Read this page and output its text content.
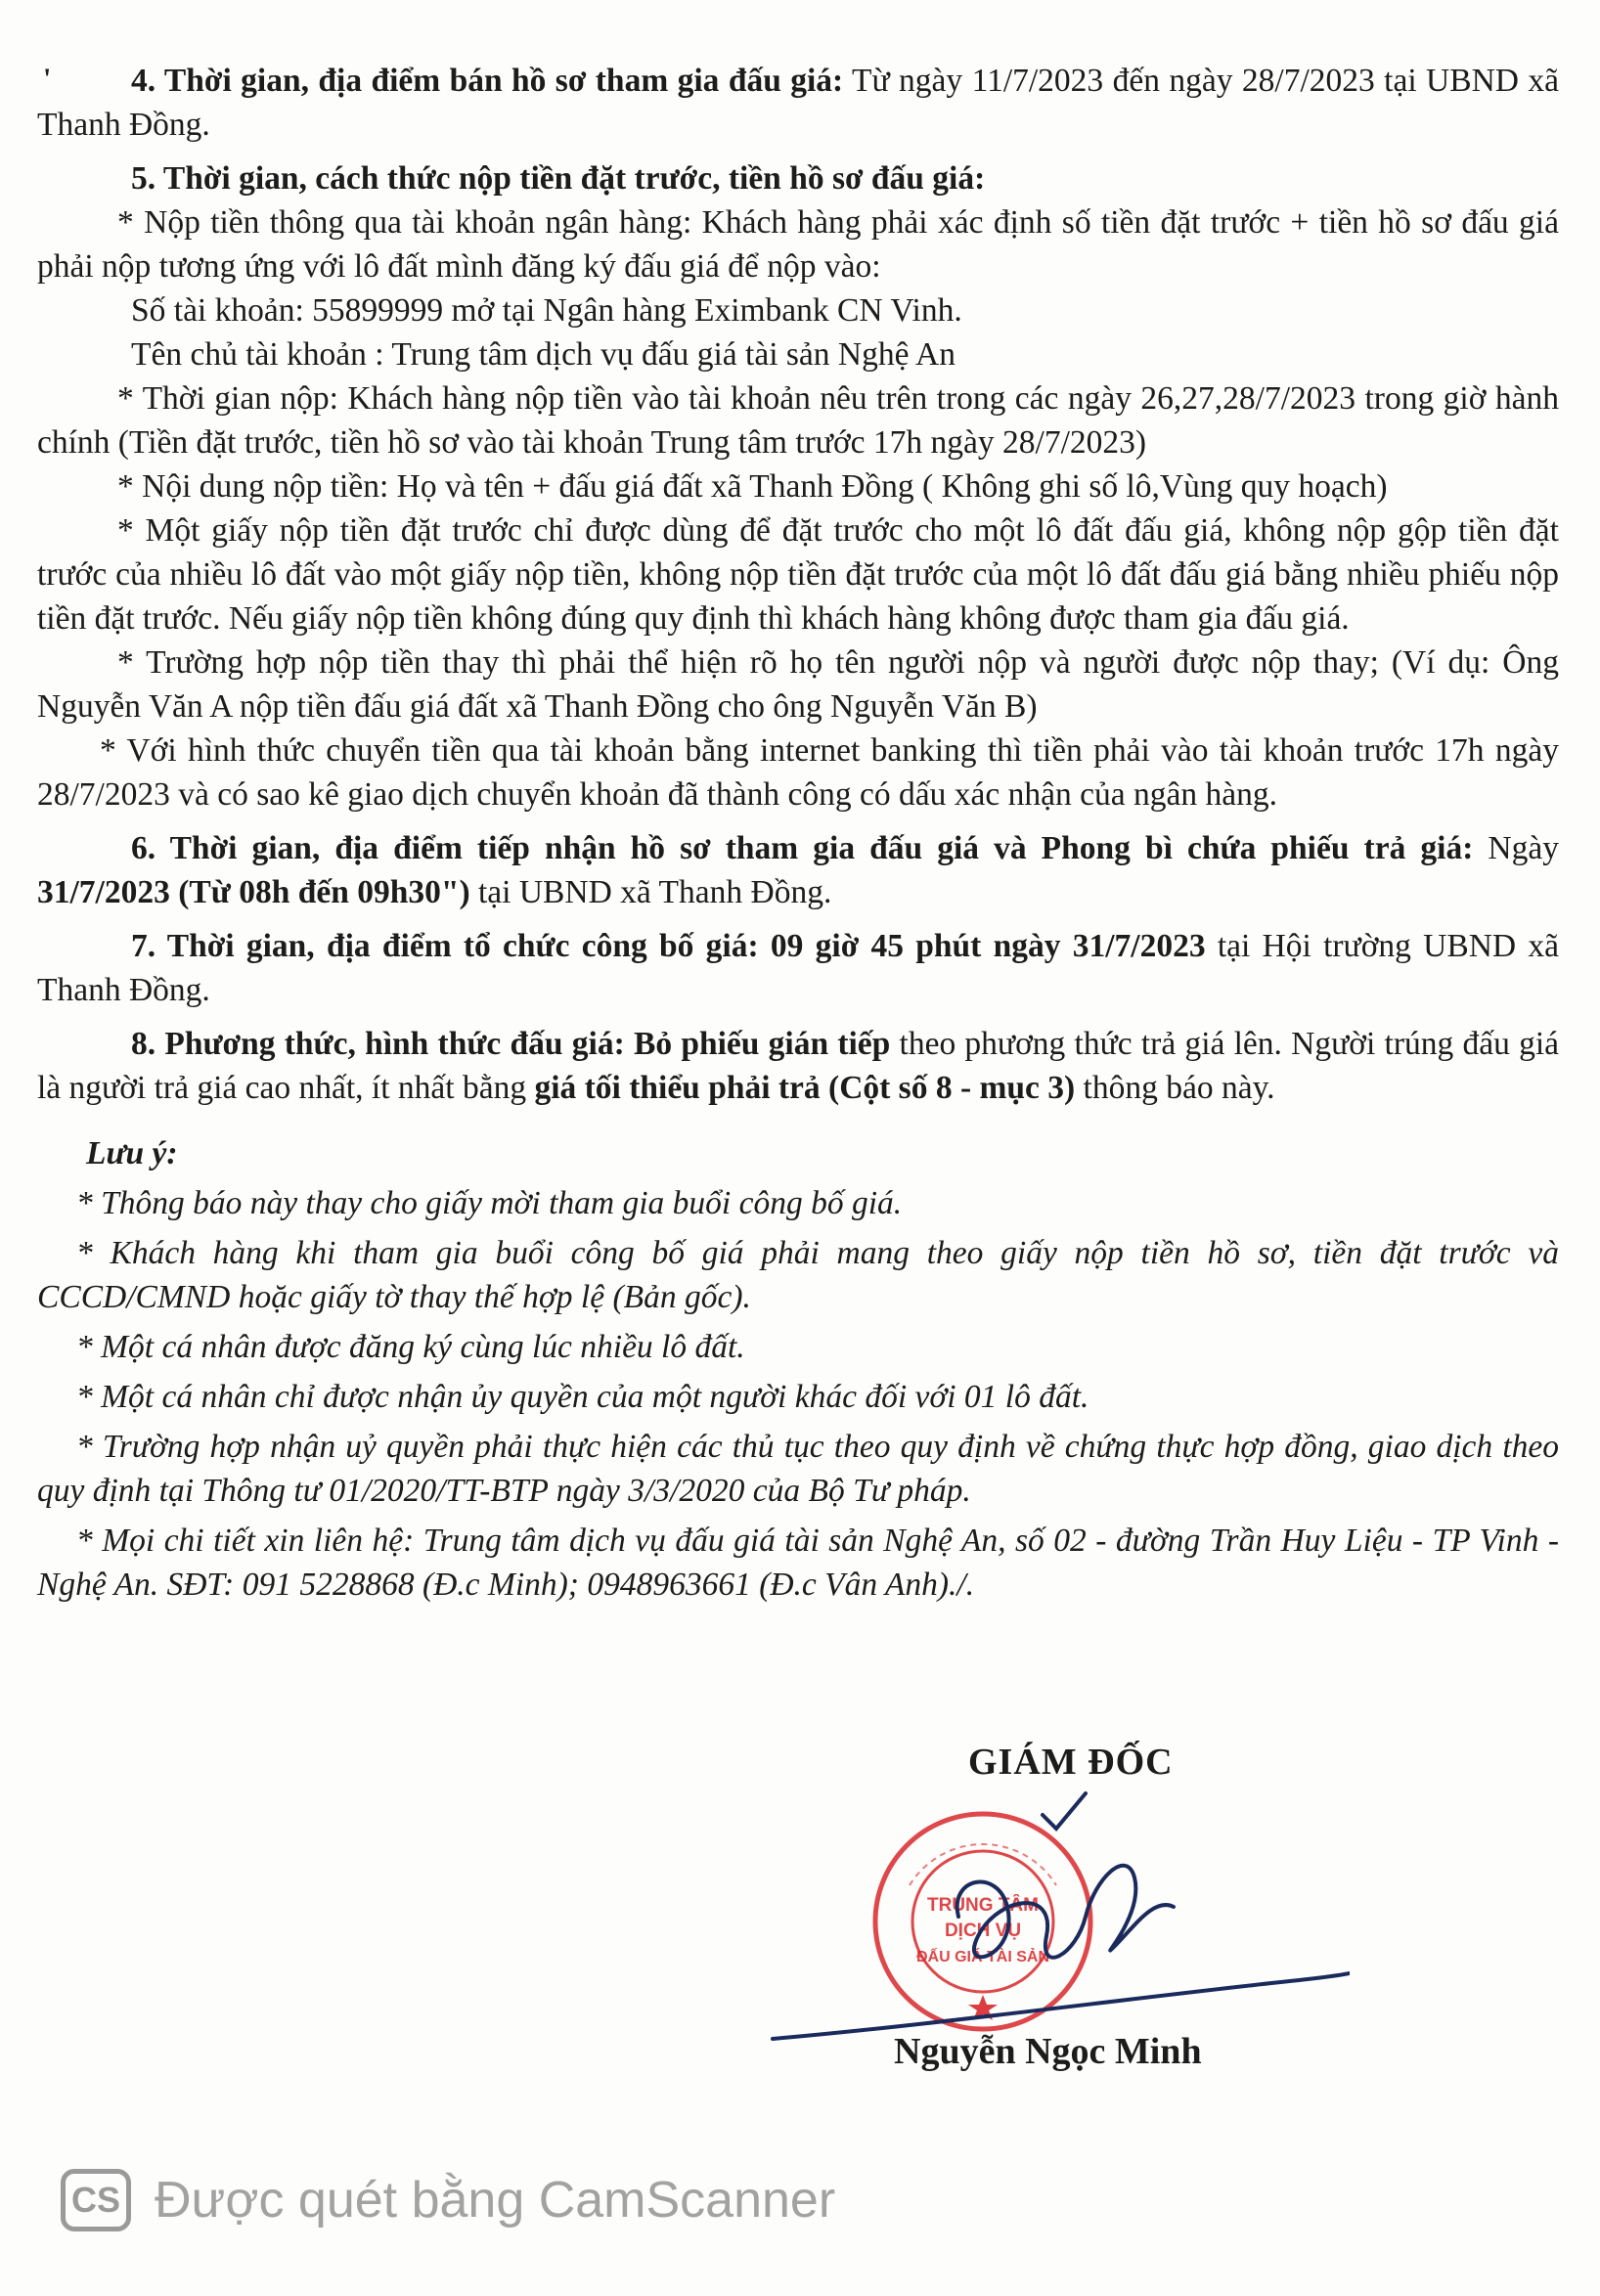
'	4. Thời gian, địa điểm bán hồ sơ tham gia đấu giá: Từ ngày 11/7/2023 đến ngày 28/7/2023 tại UBND xã Thanh Đồng.

5. Thời gian, cách thức nộp tiền đặt trước, tiền hồ sơ đấu giá:

* Nộp tiền thông qua tài khoản ngân hàng: Khách hàng phải xác định số tiền đặt trước + tiền hồ sơ đấu giá phải nộp tương ứng với lô đất mình đăng ký đấu giá để nộp vào:

Số tài khoản: 55899999 mở tại Ngân hàng Eximbank CN Vinh.

Tên chủ tài khoản : Trung tâm dịch vụ đấu giá tài sản Nghệ An

* Thời gian nộp: Khách hàng nộp tiền vào tài khoản nêu trên trong các ngày 26,27,28/7/2023 trong giờ hành chính (Tiền đặt trước, tiền hồ sơ vào tài khoản Trung tâm trước 17h ngày 28/7/2023)

* Nội dung nộp tiền: Họ và tên + đấu giá đất xã Thanh Đồng ( Không ghi số lô,Vùng quy hoạch)

* Một giấy nộp tiền đặt trước chỉ được dùng để đặt trước cho một lô đất đấu giá, không nộp gộp tiền đặt trước của nhiều lô đất vào một giấy nộp tiền, không nộp tiền đặt trước của một lô đất đấu giá bằng nhiều phiếu nộp tiền đặt trước. Nếu giấy nộp tiền không đúng quy định thì khách hàng không được tham gia đấu giá.

* Trường hợp nộp tiền thay thì phải thể hiện rõ họ tên người nộp và người được nộp thay; (Ví dụ: Ông Nguyễn Văn A nộp tiền đấu giá đất xã Thanh Đồng cho ông Nguyễn Văn B)

* Với hình thức chuyển tiền qua tài khoản bằng internet banking thì tiền phải vào tài khoản trước 17h ngày 28/7/2023 và có sao kê giao dịch chuyển khoản đã thành công có dấu xác nhận của ngân hàng.

6. Thời gian, địa điểm tiếp nhận hồ sơ tham gia đấu giá và Phong bì chứa phiếu trả giá: Ngày 31/7/2023 (Từ 08h đến 09h30") tại UBND xã Thanh Đồng.

7. Thời gian, địa điểm tổ chức công bố giá: 09 giờ 45 phút ngày 31/7/2023 tại Hội trường UBND xã Thanh Đồng.

8. Phương thức, hình thức đấu giá: Bỏ phiếu gián tiếp theo phương thức trả giá lên. Người trúng đấu giá là người trả giá cao nhất, ít nhất bằng giá tối thiểu phải trả (Cột số 8 - mục 3) thông báo này.

Lưu ý:

* Thông báo này thay cho giấy mời tham gia buổi công bố giá.

* Khách hàng khi tham gia buổi công bố giá phải mang theo giấy nộp tiền hồ sơ, tiền đặt trước và CCCD/CMND hoặc giấy tờ thay thế hợp lệ (Bản gốc).

* Một cá nhân được đăng ký cùng lúc nhiều lô đất.

* Một cá nhân chỉ được nhận ủy quyền của một người khác đối với 01 lô đất.

* Trường hợp nhận uỷ quyền phải thực hiện các thủ tục theo quy định về chứng thực hợp đồng, giao dịch theo quy định tại Thông tư 01/2020/TT-BTP ngày 3/3/2020 của Bộ Tư pháp.

* Mọi chi tiết xin liên hệ: Trung tâm dịch vụ đấu giá tài sản Nghệ An, số 02 - đường Trần Huy Liệu - TP Vinh - Nghệ An. SĐT: 091 5228868 (Đ.c Minh); 0948963661 (Đ.c Vân Anh)./.

GIÁM ĐỐC
TRUNG TÂM
DỊCH VỤ
ĐẤU GIÁ TÀI SẢN
Nguyễn Ngọc Minh
CS Được quét bằng CamScanner
